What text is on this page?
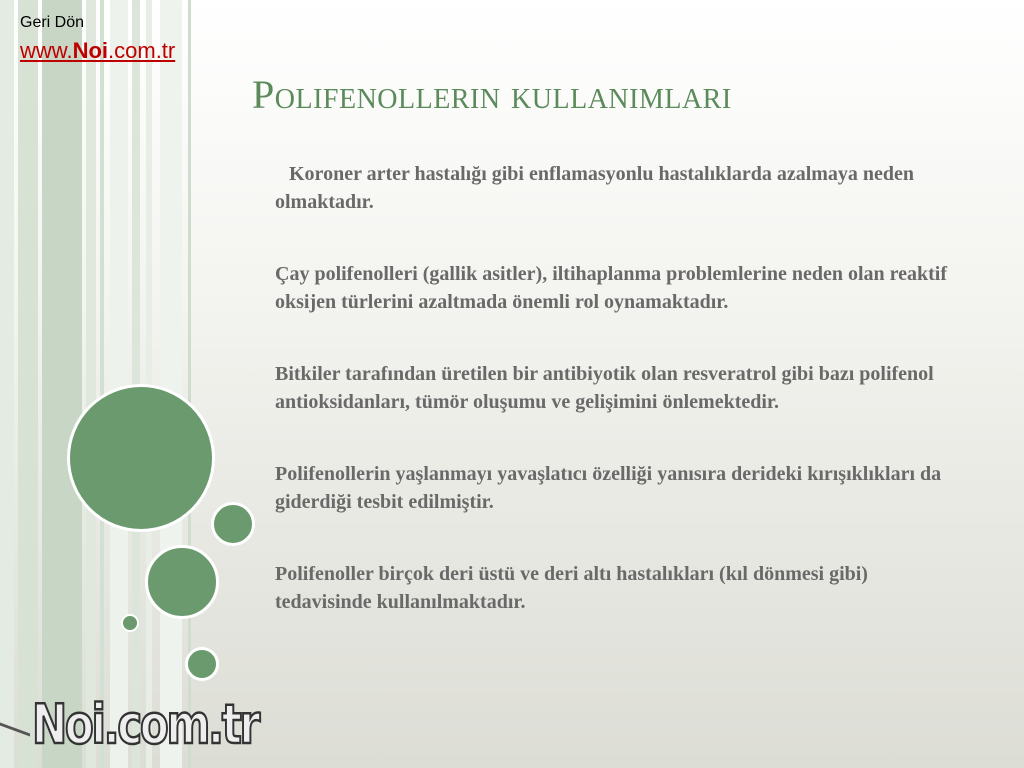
Geri Dön
www.Noi.com.tr
Polifenollerin kullanimlari

Koroner arter hastalığı gibi enflamasyonlu hastalıklarda azalmaya neden olmaktadır.

Çay polifenolleri (gallik asitler), iltihaplanma problemlerine neden olan reaktif oksijen türlerini azaltmada önemli rol oynamaktadır.

Bitkiler tarafından üretilen bir antibiyotik olan resveratrol gibi bazı polifenol antioksidanları, tümör oluşumu ve gelişimini önlemektedir.

Polifenollerin yaşlanmayı yavaşlatıcı özelliği yanısıra derideki kırışıklıkları da giderdiği tesbit edilmiştir.

Polifenoller birçok deri üstü ve deri altı hastalıkları (kıl dönmesi gibi) tedavisinde kullanılmaktadır.

Noi.com.tr
